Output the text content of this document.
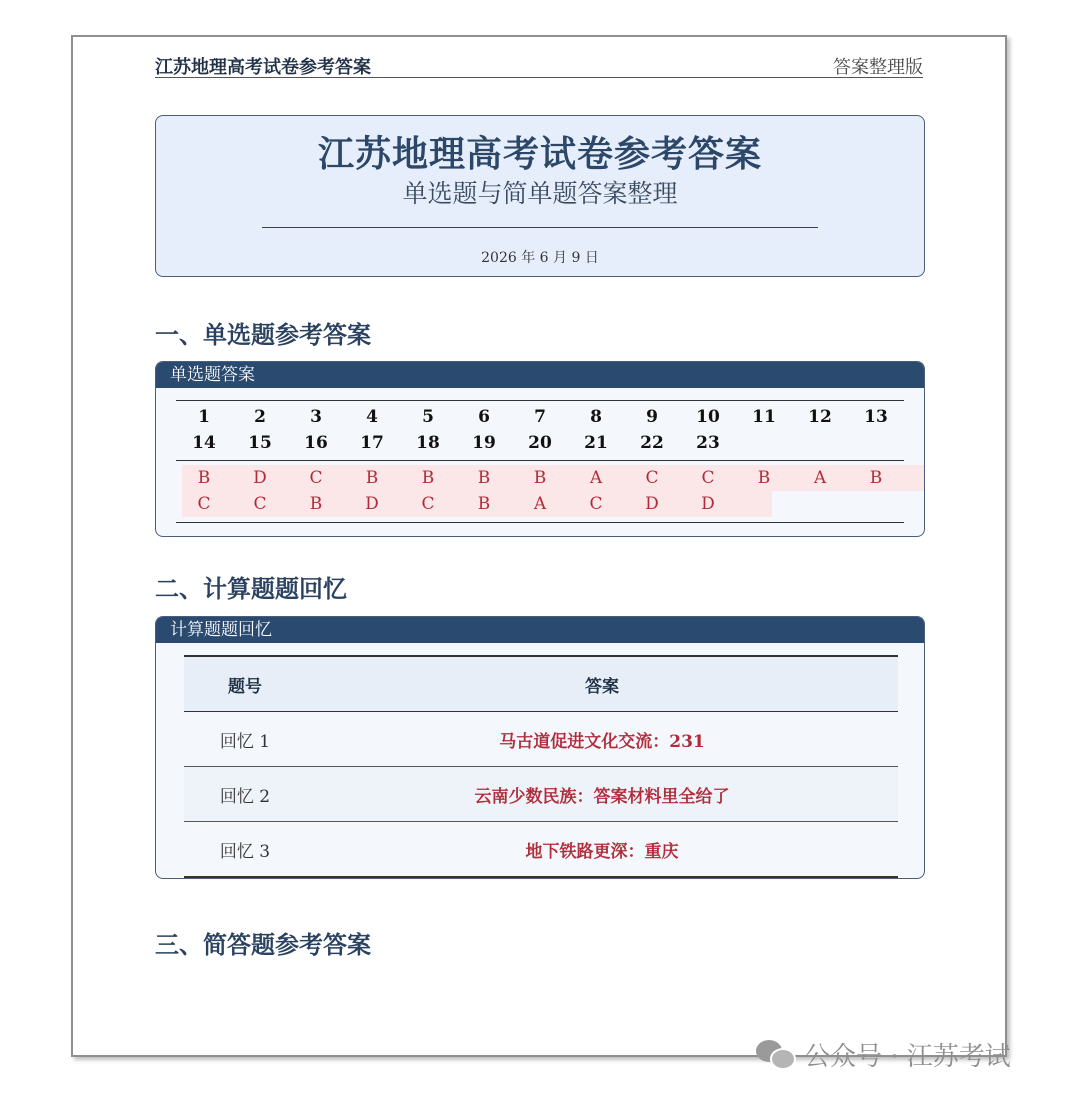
江苏地理高考试卷参考答案	答案整理版
江苏地理高考试卷参考答案
单选题与简单题答案整理
2026 年 6 月 9 日
一、单选题参考答案
单选题答案
1	2	3	4	5	6	7	8	9	10	11	12	13
14	15	16	17	18	19	20	21	22	23
B	D	C	B	B	B	B	A	C	C	B	A	B
C	C	B	D	C	B	A	C	D	D
二、计算题题回忆
计算题题回忆
题号	答案
回忆 1	马古道促进文化交流：231
回忆 2	云南少数民族：答案材料里全给了
回忆 3	地下铁路更深：重庆
三、简答题参考答案
公众号 · 江苏考试
